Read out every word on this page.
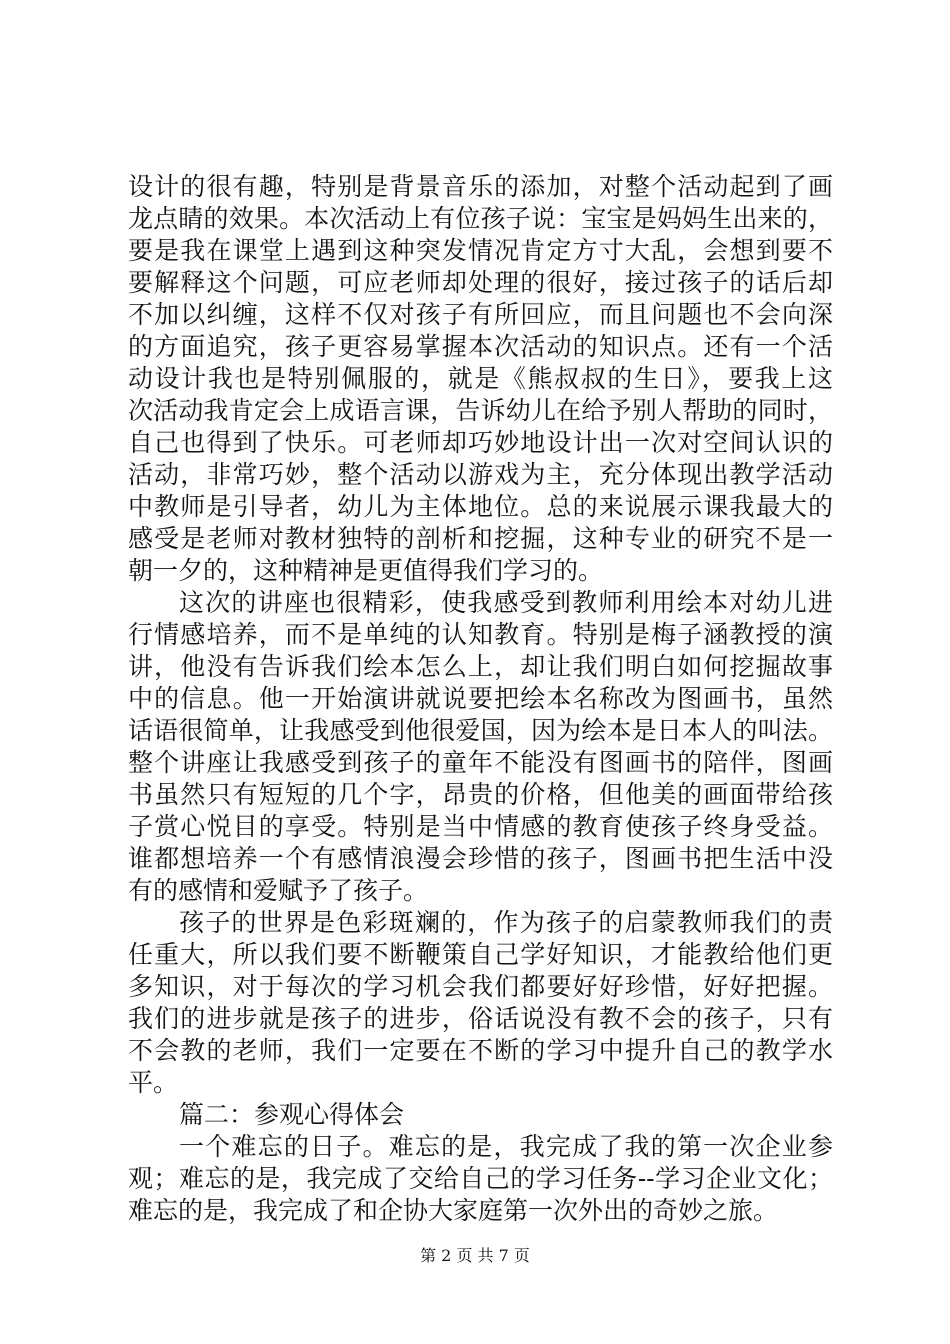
设计的很有趣，特别是背景音乐的添加，对整个活动起到了画
龙点睛的效果。本次活动上有位孩子说：宝宝是妈妈生出来的，
要是我在课堂上遇到这种突发情况肯定方寸大乱，会想到要不
要解释这个问题，可应老师却处理的很好，接过孩子的话后却
不加以纠缠，这样不仅对孩子有所回应，而且问题也不会向深
的方面追究，孩子更容易掌握本次活动的知识点。还有一个活
动设计我也是特别佩服的，就是《熊叔叔的生日》，要我上这
次活动我肯定会上成语言课，告诉幼儿在给予别人帮助的同时，
自己也得到了快乐。可老师却巧妙地设计出一次对空间认识的
活动，非常巧妙，整个活动以游戏为主，充分体现出教学活动
中教师是引导者，幼儿为主体地位。总的来说展示课我最大的
感受是老师对教材独特的剖析和挖掘，这种专业的研究不是一
朝一夕的，这种精神是更值得我们学习的。
这次的讲座也很精彩，使我感受到教师利用绘本对幼儿进
行情感培养，而不是单纯的认知教育。特别是梅子涵教授的演
讲，他没有告诉我们绘本怎么上，却让我们明白如何挖掘故事
中的信息。他一开始演讲就说要把绘本名称改为图画书，虽然
话语很简单，让我感受到他很爱国，因为绘本是日本人的叫法。
整个讲座让我感受到孩子的童年不能没有图画书的陪伴，图画
书虽然只有短短的几个字，昂贵的价格，但他美的画面带给孩
子赏心悦目的享受。特别是当中情感的教育使孩子终身受益。
谁都想培养一个有感情浪漫会珍惜的孩子，图画书把生活中没
有的感情和爱赋予了孩子。
孩子的世界是色彩斑斓的，作为孩子的启蒙教师我们的责
任重大，所以我们要不断鞭策自己学好知识，才能教给他们更
多知识，对于每次的学习机会我们都要好好珍惜，好好把握。
我们的进步就是孩子的进步，俗话说没有教不会的孩子，只有
不会教的老师，我们一定要在不断的学习中提升自己的教学水
平。
篇二：参观心得体会
一个难忘的日子。难忘的是，我完成了我的第一次企业参
观；难忘的是，我完成了交给自己的学习任务--学习企业文化；
难忘的是，我完成了和企协大家庭第一次外出的奇妙之旅。
第 2 页 共 7 页
